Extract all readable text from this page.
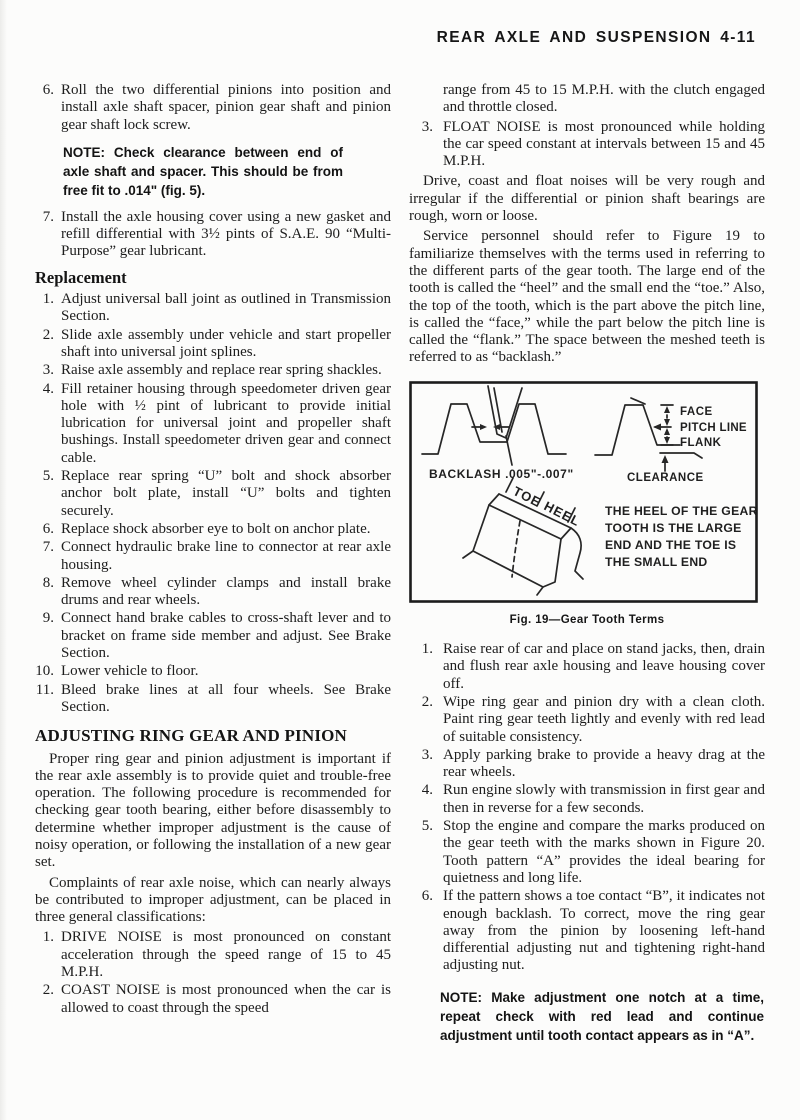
REAR AXLE AND SUSPENSION 4-11
6. Roll the two differential pinions into position and install axle shaft spacer, pinion gear shaft and pinion gear shaft lock screw.

NOTE: Check clearance between end of axle shaft and spacer. This should be from free fit to .014" (fig. 5).

7. Install the axle housing cover using a new gasket and refill differential with 3½ pints of S.A.E. 90 “Multi-Purpose” gear lubricant.
Replacement
1. Adjust universal ball joint as outlined in Transmission Section.
2. Slide axle assembly under vehicle and start propeller shaft into universal joint splines.
3. Raise axle assembly and replace rear spring shackles.
4. Fill retainer housing through speedometer driven gear hole with ½ pint of lubricant to provide initial lubrication for universal joint and propeller shaft bushings. Install speedometer driven gear and connect cable.
5. Replace rear spring “U” bolt and shock absorber anchor bolt plate, install “U” bolts and tighten securely.
6. Replace shock absorber eye to bolt on anchor plate.
7. Connect hydraulic brake line to connector at rear axle housing.
8. Remove wheel cylinder clamps and install brake drums and rear wheels.
9. Connect hand brake cables to cross-shaft lever and to bracket on frame side member and adjust. See Brake Section.
10. Lower vehicle to floor.
11. Bleed brake lines at all four wheels. See Brake Section.
ADJUSTING RING GEAR AND PINION

Proper ring gear and pinion adjustment is important if the rear axle assembly is to provide quiet and trouble-free operation. The following procedure is recommended for checking gear tooth bearing, either before disassembly to determine whether improper adjustment is the cause of noisy operation, or following the installation of a new gear set.

Complaints of rear axle noise, which can nearly always be contributed to improper adjustment, can be placed in three general classifications:

1. DRIVE NOISE is most pronounced on constant acceleration through the speed range of 15 to 45 M.P.H.
2. COAST NOISE is most pronounced when the car is allowed to coast through the speed
range from 45 to 15 M.P.H. with the clutch engaged and throttle closed.
3. FLOAT NOISE is most pronounced while holding the car speed constant at intervals between 15 and 45 M.P.H.

Drive, coast and float noises will be very rough and irregular if the differential or pinion shaft bearings are rough, worn or loose.

Service personnel should refer to Figure 19 to familiarize themselves with the terms used in referring to the different parts of the gear tooth. The large end of the tooth is called the “heel” and the small end the “toe.” Also, the top of the tooth, which is the part above the pitch line, is called the “face,” while the part below the pitch line is called the “flank.” The space between the meshed teeth is referred to as “backlash.”

BACKLASH .005"-.007"
FACE
PITCH LINE
FLANK
CLEARANCE
TOE
HEEL THE HEEL OF THE GEAR
TOOTH IS THE LARGE
END AND THE TOE IS
THE SMALL END
Fig. 19—Gear Tooth Terms
1. Raise rear of car and place on stand jacks, then, drain and flush rear axle housing and leave housing cover off.
2. Wipe ring gear and pinion dry with a clean cloth. Paint ring gear teeth lightly and evenly with red lead of suitable consistency.
3. Apply parking brake to provide a heavy drag at the rear wheels.
4. Run engine slowly with transmission in first gear and then in reverse for a few seconds.
5. Stop the engine and compare the marks produced on the gear teeth with the marks shown in Figure 20. Tooth pattern “A” provides the ideal bearing for quietness and long life.
6. If the pattern shows a toe contact “B”, it indicates not enough backlash. To correct, move the ring gear away from the pinion by loosening left-hand differential adjusting nut and tightening right-hand adjusting nut.

NOTE: Make adjustment one notch at a time, repeat check with red lead and continue adjustment until tooth contact appears as in “A”.
